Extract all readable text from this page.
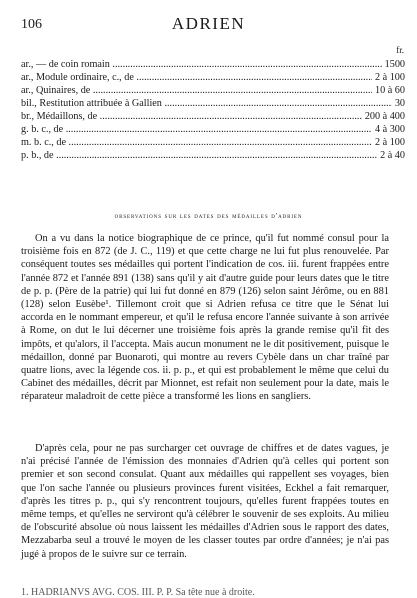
106	ADRIEN
fr.
ar., — de coin romain .....	1500
ar., Module ordinaire, c., de .....	2 à 100
ar., Quinaires, de .....	10 à 60
bil., Restitution attribuée à Gallien .....	30
br., Médaillons, de .....	200 à 400
g. b. c., de .....	4 à 300
m. b. c., de .....	2 à 100
p. b., de .....	2 à 40
observations sur les dates des médailles d'adrien

On a vu dans la notice biographique de ce prince, qu'il fut nommé consul pour la troisième fois en 872 (de J. C., 119) et que cette charge ne lui fut plus renouvelée. Par conséquent toutes ses médailles qui portent l'indication de cos. iii. furent frappées entre l'année 872 et l'année 891 (138) sans qu'il y ait d'autre guide pour leurs dates que le titre de p. p. (Père de la patrie) qui lui fut donné en 879 (126) selon saint Jérôme, ou en 881 (128) selon Eusèbe¹. Tillemont croit que si Adrien refusa ce titre que le Sénat lui accorda en le nommant empereur, et qu'il le refusa encore l'année suivante à son arrivée à Rome, on dut le lui décerner une troisième fois après la grande remise qu'il fit des impôts, et qu'alors, il l'accepta. Mais aucun monument ne le dit positivement, puisque le médaillon, donné par Buonaroti, qui montre au revers Cybèle dans un char traîné par quatre lions, avec la légende cos. ii. p. p., et qui est probablement le même que celui du Cabinet des médailles, décrit par Mionnet, est refait non seulement pour la date, mais le réparateur maladroit de cette pièce a transformé les lions en sangliers.

D'après cela, pour ne pas surcharger cet ouvrage de chiffres et de dates vagues, je n'ai précisé l'année de l'émission des monnaies d'Adrien qu'à celles qui portent son premier et son second consulat. Quant aux médailles qui rappellent ses voyages, bien que l'on sache l'année ou plusieurs provinces furent visitées, Eckhel a fait remarquer, d'après les titres p. p., qui s'y rencontrent toujours, qu'elles furent frappées toutes en même temps, et qu'elles ne serviront qu'à célébrer le souvenir de ses exploits. Au milieu de l'obscurité absolue où nous laissent les médailles d'Adrien sous le rapport des dates, Mezzabarba seul a trouvé le moyen de les classer toutes par ordre d'années; je n'ai pas jugé à propos de le suivre sur ce terrain.

1. HADRIANVS AVG. COS. III. P. P. Sa tête nue à droite.
